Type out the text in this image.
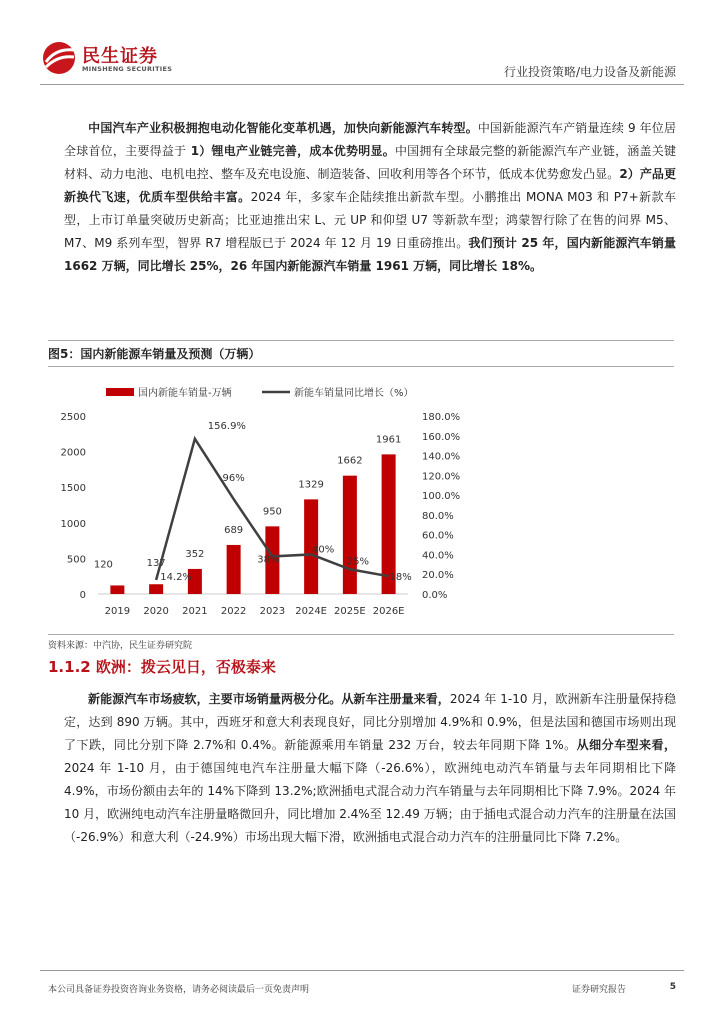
民生证券
MINSHENG SECURITIES	行业投资策略/电力设备及新能源
中国汽车产业积极拥抱电动化智能化变革机遇，加快向新能源汽车转型。中国新能源汽车产销量连续 9 年位居全球首位，主要得益于 1）锂电产业链完善，成本优势明显。中国拥有全球最完整的新能源汽车产业链，涵盖关键材料、动力电池、电机电控、整车及充电设施、制造装备、回收利用等各个环节，低成本优势愈发凸显。2）产品更新换代飞速，优质车型供给丰富。2024 年，多家车企陆续推出新款车型。小鹏推出 MONA M03 和 P7+新款车型，上市订单量突破历史新高；比亚迪推出宋 L、元 UP 和仰望 U7 等新款车型；鸿蒙智行除了在售的问界 M5、M7、M9 系列车型，智界 R7 增程版已于 2024 年 12 月 19 日重磅推出。我们预计 25 年，国内新能源汽车销量 1662 万辆，同比增长 25%，26 年国内新能源汽车销量 1961 万辆，同比增长 18%。
图5：国内新能源车销量及预测（万辆）
国内新能车销量-万辆	新能车销量同比增长（%）
0
500
1000
1500
2000
2500
0.0%
20.0%
40.0%
60.0%
80.0%
100.0%
120.0%
140.0%
160.0%
180.0%
2019 2020 2021 2022 2023 2024E 2025E 2026E
120	137
352
689
950
1329
1662
1961
14.2%
156.9%
96%
38%
40%
25%
18%
资料来源：中汽协，民生证券研究院
1.1.2 欧洲：拨云见日，否极泰来
新能源汽车市场疲软，主要市场销量两极分化。从新车注册量来看，2024 年 1-10 月，欧洲新车注册量保持稳定，达到 890 万辆。其中，西班牙和意大利表现良好，同比分别增加 4.9%和 0.9%，但是法国和德国市场则出现了下跌，同比分别下降 2.7%和 0.4%。新能源乘用车销量 232 万台，较去年同期下降 1%。从细分车型来看，2024 年 1-10 月，由于德国纯电汽车注册量大幅下降（-26.6%），欧洲纯电动汽车销量与去年同期相比下降 4.9%，市场份额由去年的 14%下降到 13.2%;欧洲插电式混合动力汽车销量与去年同期相比下降 7.9%。2024 年 10 月，欧洲纯电动汽车注册量略微回升，同比增加 2.4%至 12.49 万辆；由于插电式混合动力汽车的注册量在法国（-26.9%）和意大利（-24.9%）市场出现大幅下滑，欧洲插电式混合动力汽车的注册量同比下降 7.2%。
本公司具备证券投资咨询业务资格，请务必阅读最后一页免责声明	证券研究报告	5
